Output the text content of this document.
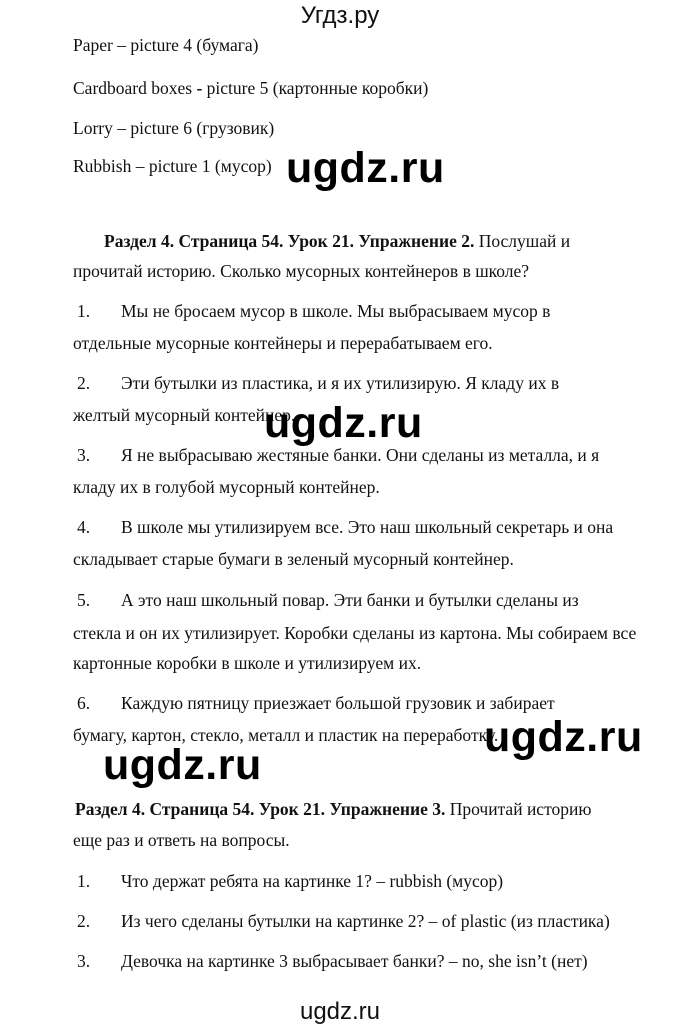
Угдз.ру
Paper – picture 4 (бумага)
Cardboard boxes - picture 5 (картонные коробки)
Lorry – picture 6 (грузовик)
Rubbish – picture 1 (мусор)
Раздел 4. Страница 54. Урок 21. Упражнение 2. Послушай и
прочитай историю. Сколько мусорных контейнеров в школе?
1. Мы не бросаем мусор в школе. Мы выбрасываем мусор в
отдельные мусорные контейнеры и перерабатываем его.
2. Эти бутылки из пластика, и я их утилизирую. Я кладу их в
желтый мусорный контейнер.
3. Я не выбрасываю жестяные банки. Они сделаны из металла, и я
кладу их в голубой мусорный контейнер.
4. В школе мы утилизируем все. Это наш школьный секретарь и она
складывает старые бумаги в зеленый мусорный контейнер.
5. А это наш школьный повар. Эти банки и бутылки сделаны из
стекла и он их утилизирует. Коробки сделаны из картона. Мы собираем все
картонные коробки в школе и утилизируем их.
6. Каждую пятницу приезжает большой грузовик и забирает
бумагу, картон, стекло, металл и пластик на переработку.
Раздел 4. Страница 54. Урок 21. Упражнение 3. Прочитай историю
еще раз и ответь на вопросы.
1. Что держат ребята на картинке 1? – rubbish (мусор)
2. Из чего сделаны бутылки на картинке 2? – of plastic (из пластика)
3. Девочка на картинке 3 выбрасывает банки? – no, she isn’t (нет)
ugdz.ru
ugdz.ru
ugdz.ru
ugdz.ru
ugdz.ru
